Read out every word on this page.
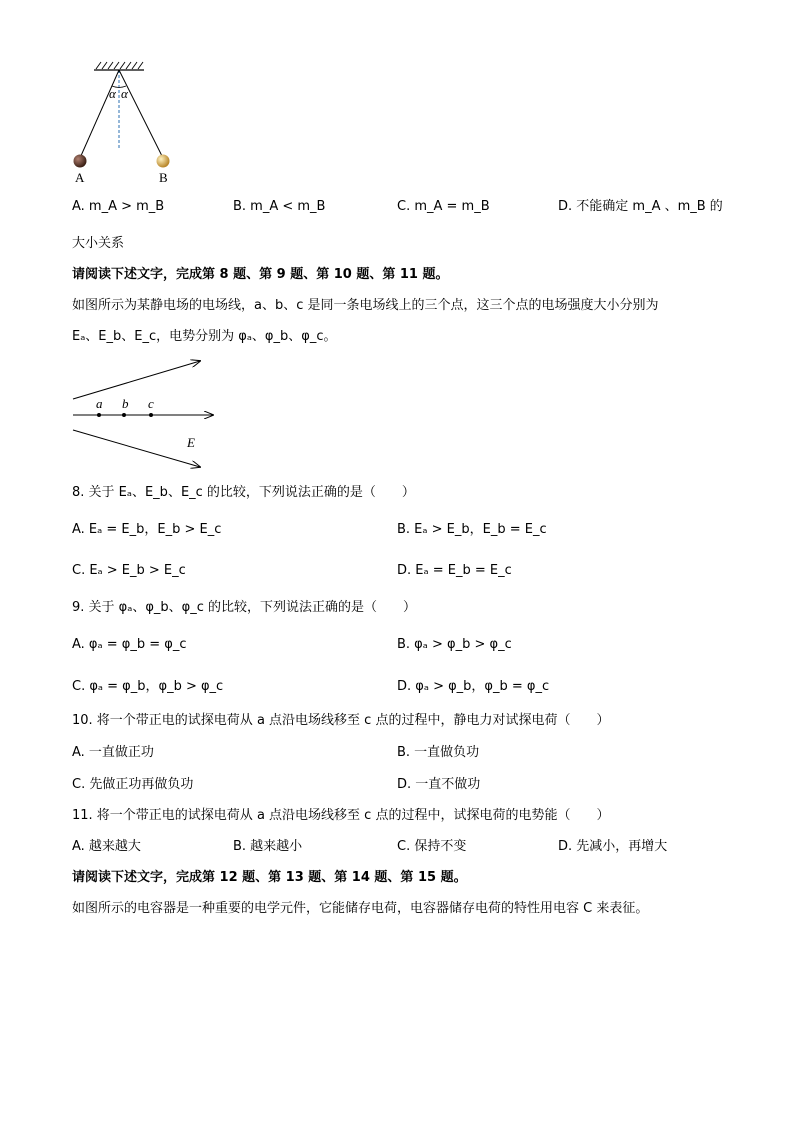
α α
A	B
A. m_A > m_B	B. m_A < m_B	C. m_A = m_B	D. 不能确定 m_A 、m_B 的
大小关系
请阅读下述文字，完成第 8 题、第 9 题、第 10 题、第 11 题。
如图所示为某静电场的电场线，a、b、c 是同一条电场线上的三个点，这三个点的电场强度大小分别为
Eₐ、E_b、E_c，电势分别为 φₐ、φ_b、φ_c。
a b c
E
8. 关于 Eₐ、E_b、E_c 的比较，下列说法正确的是（　　）
A. Eₐ = E_b，E_b > E_c	B. Eₐ > E_b，E_b = E_c
C. Eₐ > E_b > E_c	D. Eₐ = E_b = E_c
9. 关于 φₐ、φ_b、φ_c 的比较，下列说法正确的是（　　）
A. φₐ = φ_b = φ_c	B. φₐ > φ_b > φ_c
C. φₐ = φ_b，φ_b > φ_c	D. φₐ > φ_b，φ_b = φ_c
10. 将一个带正电的试探电荷从 a 点沿电场线移至 c 点的过程中，静电力对试探电荷（　　）
A. 一直做正功	B. 一直做负功
C. 先做正功再做负功	D. 一直不做功
11. 将一个带正电的试探电荷从 a 点沿电场线移至 c 点的过程中，试探电荷的电势能（　　）
A. 越来越大	B. 越来越小	C. 保持不变	D. 先减小，再增大
请阅读下述文字，完成第 12 题、第 13 题、第 14 题、第 15 题。
如图所示的电容器是一种重要的电学元件，它能储存电荷，电容器储存电荷的特性用电容 C 来表征。
